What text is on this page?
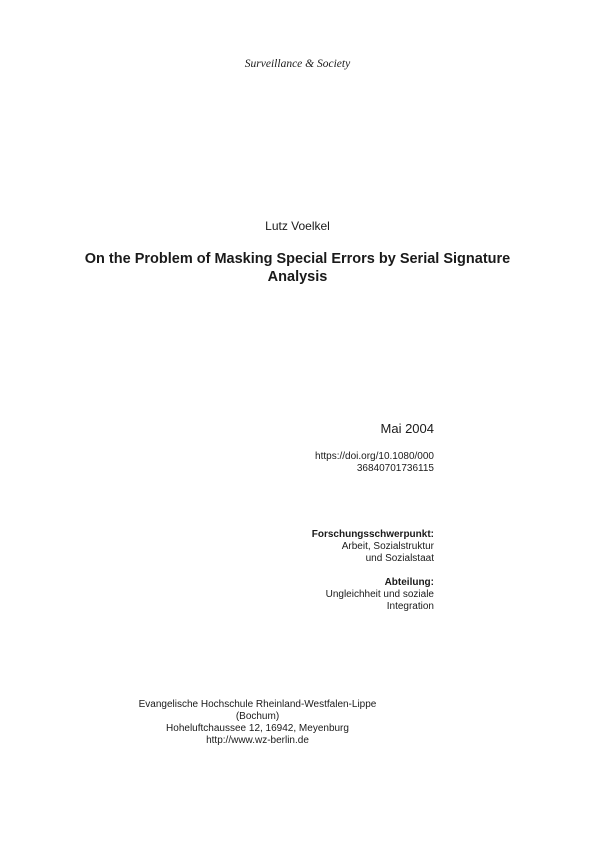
Surveillance & Society
Lutz Voelkel
On the Problem of Masking Special Errors by Serial Signature Analysis
Mai 2004
https://doi.org/10.1080/000
36840701736115
Forschungsschwerpunkt:
Arbeit, Sozialstruktur
und Sozialstaat
Abteilung:
Ungleichheit und soziale
Integration
Evangelische Hochschule Rheinland-Westfalen-Lippe
(Bochum)
Hoheluftchaussee 12, 16942, Meyenburg
http://www.wz-berlin.de
